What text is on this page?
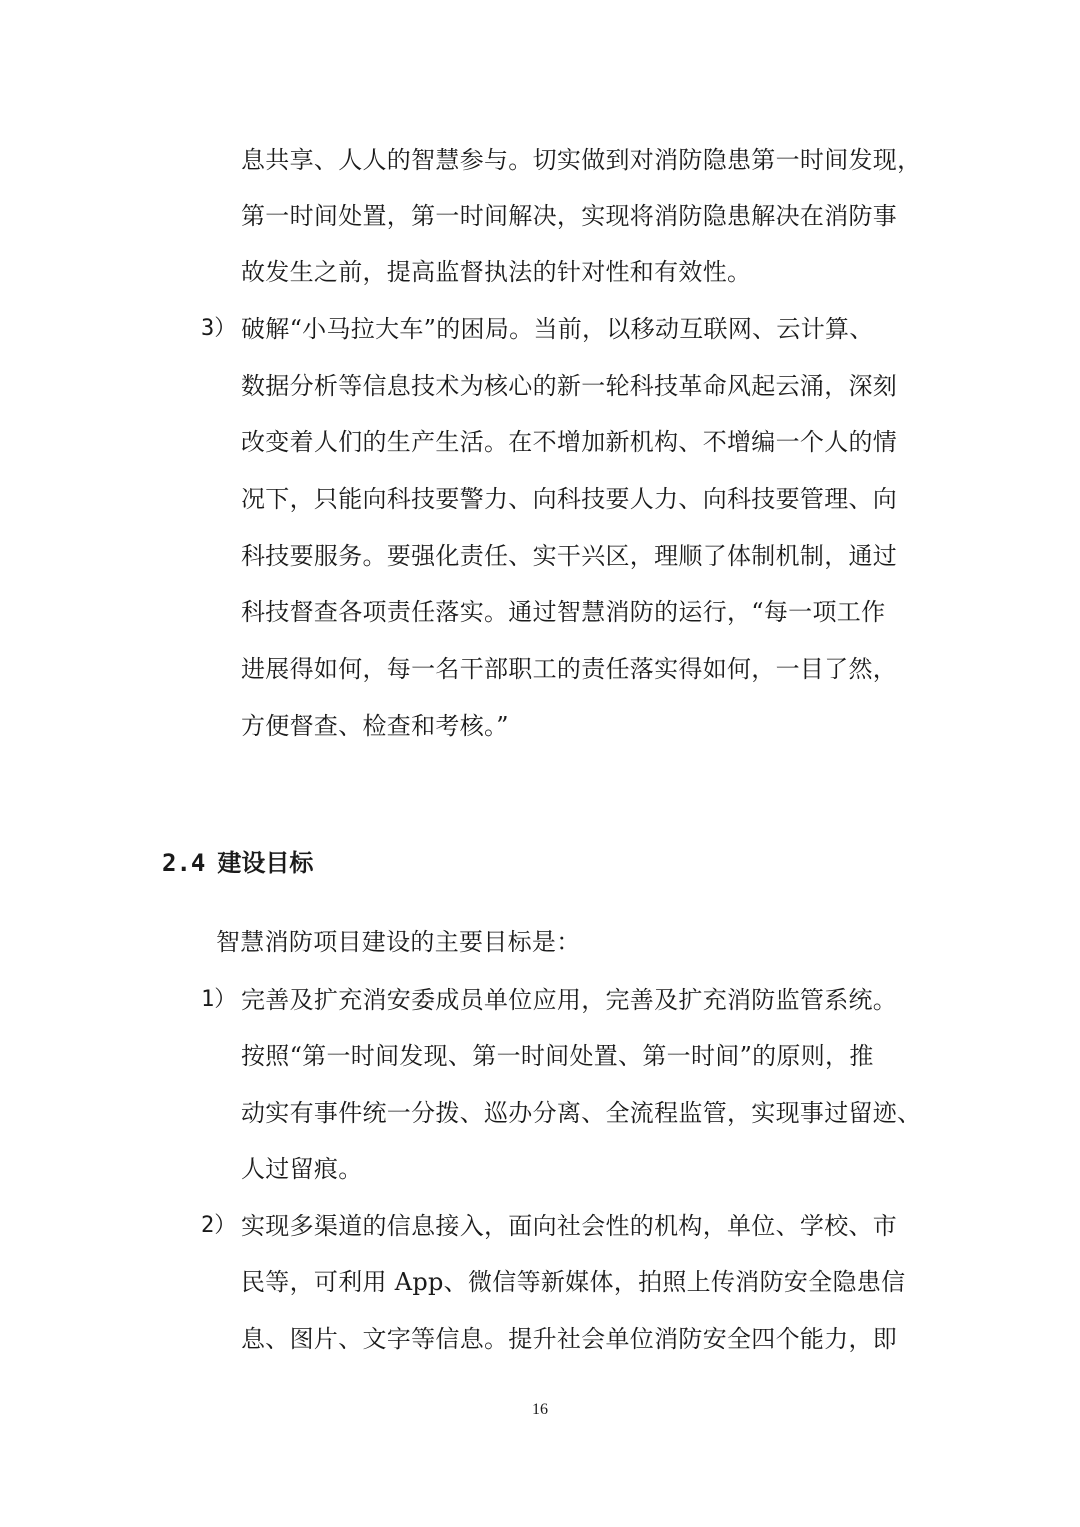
息共享、人人的智慧参与。切实做到对消防隐患第一时间发现，
第一时间处置，第一时间解决，实现将消防隐患解决在消防事
故发生之前，提高监督执法的针对性和有效性。
3） 破解“小马拉大车”的困局。当前，以移动互联网、云计算、
数据分析等信息技术为核心的新一轮科技革命风起云涌，深刻
改变着人们的生产生活。在不增加新机构、不增编一个人的情
况下，只能向科技要警力、向科技要人力、向科技要管理、向
科技要服务。要强化责任、实干兴区，理顺了体制机制，通过
科技督查各项责任落实。通过智慧消防的运行，“每一项工作
进展得如何，每一名干部职工的责任落实得如何，一目了然，
方便督查、检查和考核。”
2.4 建设目标
智慧消防项目建设的主要目标是：
1） 完善及扩充消安委成员单位应用，完善及扩充消防监管系统。
按照“第一时间发现、第一时间处置、第一时间”的原则，推
动实有事件统一分拨、巡办分离、全流程监管，实现事过留迹、
人过留痕。
2） 实现多渠道的信息接入，面向社会性的机构，单位、学校、市
民等，可利用 App、微信等新媒体，拍照上传消防安全隐患信
息、图片、文字等信息。提升社会单位消防安全四个能力，即
16
